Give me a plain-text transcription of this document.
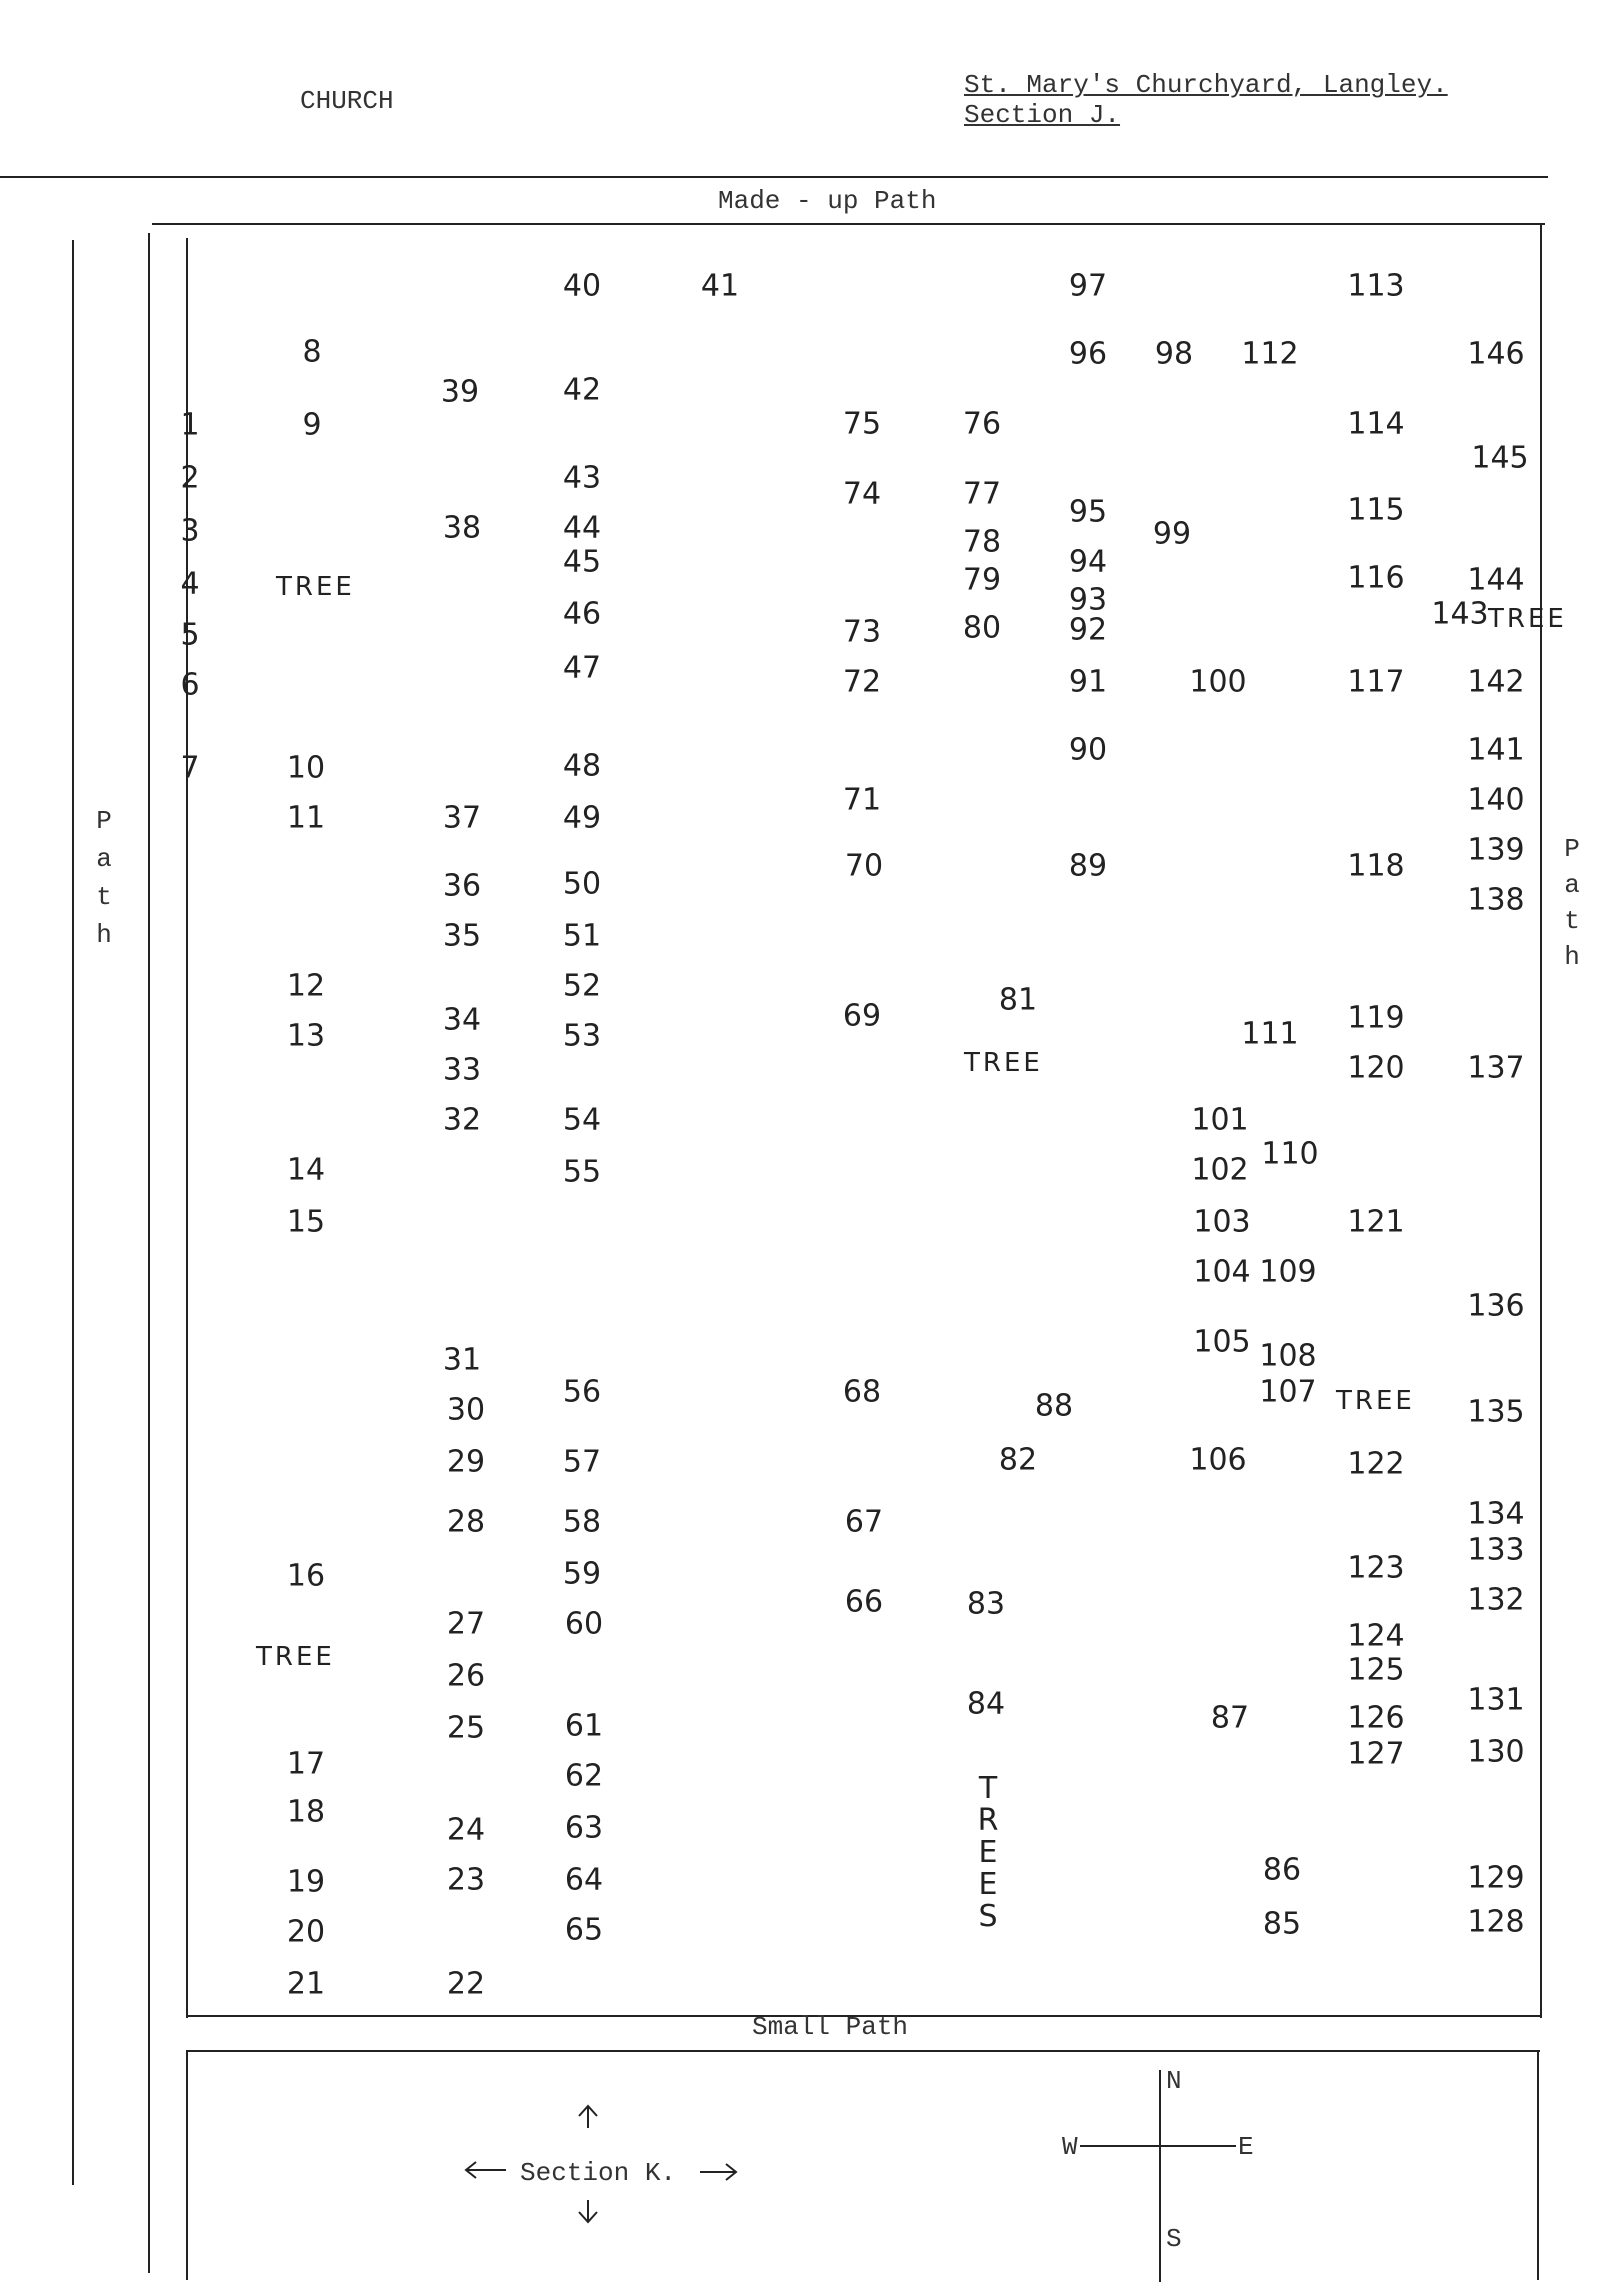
CHURCH
St. Mary's Churchyard, Langley.
Section J.
Made - up Path
Small Path
P
a
t
h
P
a
t
h
TREE
TREE
TREE
TREE
TREE
T
R
E
E
S
1
2
3
4
5
6
7
8
9
10
11
12
13
14
15
16
17
18
19
20
21	22
23
24
25
26
27
28
29
30
31
32
33
34
35
36
37
38
39
40	41
42
43
44
45
46
47
48
49
50
51
52
53
54
55
56
57
58
59
60
61
62
63
64
65
66
67
68
69
70
71
72
73
74
75	76
77
78
79
80
81
82
83
84
85
86
87
88
89
90
91
92
93
94
95
96
97
98
99
100
101
102
103
104
105
106
107
108
109
110
111
112
113
114
115
116
117
118
119
120
121
122
123
124
125
126
127
128
129
130
131
132
133
134
135
136
137
138
139
140
141
142
143
144
145
146
Section K.
N
S
E
W
